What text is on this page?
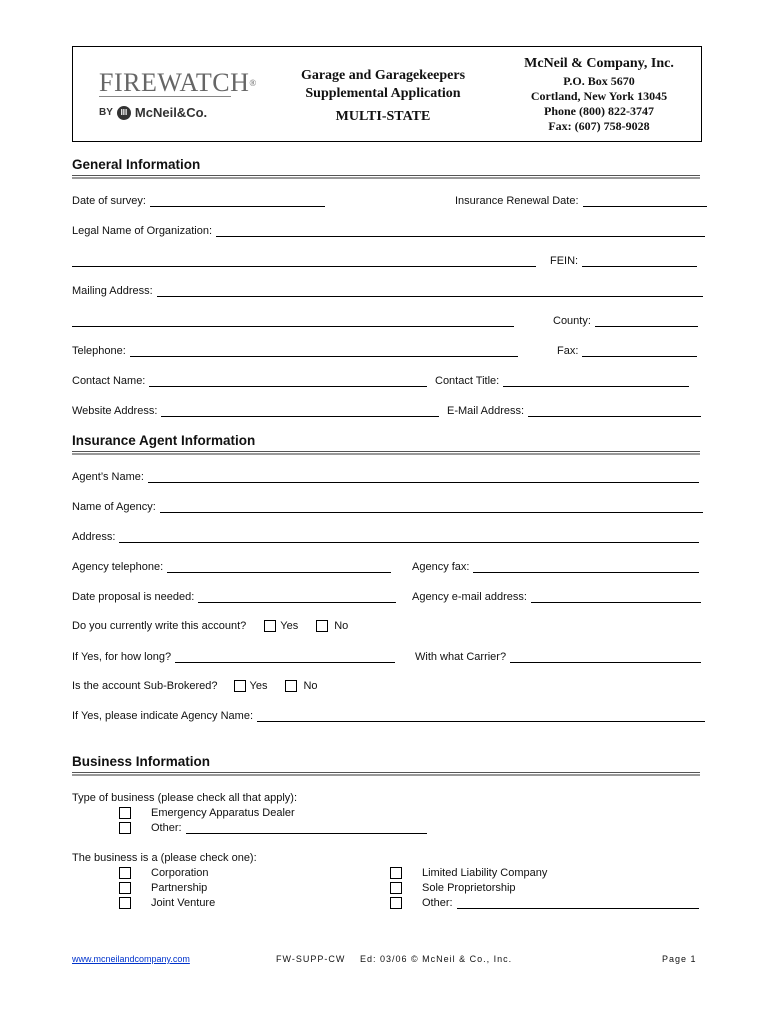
FIREWATCH®
BY III McNeil&Co.
Garage and Garagekeepers
Supplemental Application
MULTI-STATE
McNeil & Company, Inc.
P.O. Box 5670
Cortland, New York 13045
Phone (800) 822-3747
Fax: (607) 758-9028
General Information
Date of survey:	Insurance Renewal Date:
Legal Name of Organization:
FEIN:
Mailing Address:
County:
Telephone:	Fax:
Contact Name:	Contact Title:
Website Address:	E-Mail Address:
Insurance Agent Information
Agent’s Name:
Name of Agency:
Address:
Agency telephone:	Agency fax:
Date proposal is needed:	Agency e-mail address:
Do you currently write this account?	Yes	No
If Yes, for how long?	With what Carrier?
Is the account Sub-Brokered?	Yes	No
If Yes, please indicate Agency Name:
Business Information
Type of business (please check all that apply):
Emergency Apparatus Dealer
Other:
The business is a (please check one):
Corporation
Partnership
Joint Venture
Limited Liability Company
Sole Proprietorship
Other:
www.mcneilandcompany.com	FW-SUPP-CW Ed: 03/06 © McNeil & Co., Inc.	Page 1
